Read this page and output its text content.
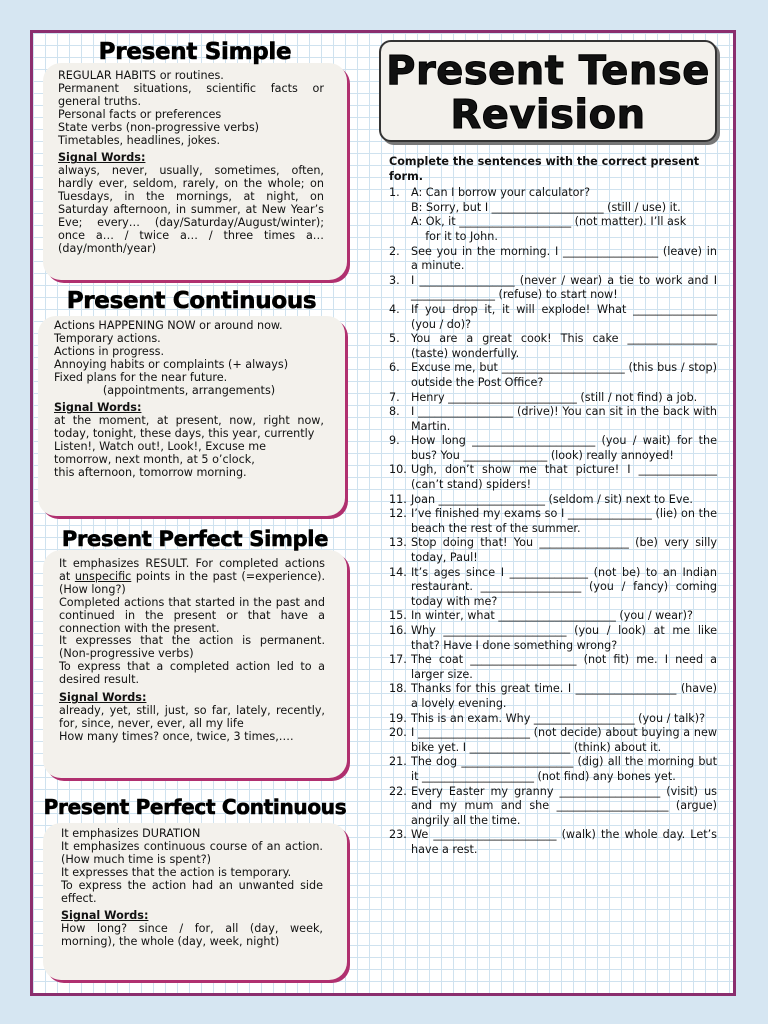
Present Simple

REGULAR HABITS or routines.

Permanent situations, scientific facts or general truths.

Personal facts or preferences

State verbs (non-progressive verbs)

Timetables, headlines, jokes.

Signal Words:

always, never, usually, sometimes, often, hardly ever, seldom, rarely, on the whole; on Tuesdays, in the mornings, at night, on Saturday afternoon, in summer, at New Year’s Eve; every… (day/Saturday/August/winter); once a… / twice a… / three times a… (day/month/year)

Present Continuous

Actions HAPPENING NOW or around now.

Temporary actions.

Actions in progress.

Annoying habits or complaints (+ always)

Fixed plans for the near future.

(appointments, arrangements)

Signal Words:

at the moment, at present, now, right now, today, tonight, these days, this year, currently

Listen!, Watch out!, Look!, Excuse me

tomorrow, next month, at 5 o’clock,

this afternoon, tomorrow morning.

Present Perfect Simple

It emphasizes RESULT. For completed actions at unspecific points in the past (=experience). (How long?)

Completed actions that started in the past and continued in the present or that have a connection with the present.

It expresses that the action is permanent. (Non-progressive verbs)

To express that a completed action led to a desired result.

Signal Words:

already, yet, still, just, so far, lately, recently, for, since, never, ever, all my life

How many times? once, twice, 3 times,….

Present Perfect Continuous

It emphasizes DURATION

It emphasizes continuous course of an action. (How much time is spent?)

It expresses that the action is temporary.

To express the action had an unwanted side effect.

Signal Words:

How long? since / for, all (day, week, morning), the whole (day, week, night)

Present Tense
Revision

Complete the sentences with the correct present form.

1.	A: Can I borrow your calculator?
B: Sorry, but I ____________________ (still / use) it.
A: Ok, it ____________________ (not matter). I’ll ask
for it to John.
2.	See you in the morning. I _________________ (leave) in a minute.
3.	I _________________ (never / wear) a tie to work and I _______________ (refuse) to start now!
4.	If you drop it, it will explode! What _______________ (you / do)?
5.	You are a great cook! This cake ________________ (taste) wonderfully.
6.	Excuse me, but ______________________ (this bus / stop) outside the Post Office?
7.	Henry _______________________ (still / not find) a job.
8.	I _________________ (drive)! You can sit in the back with Martin.
9.	How long ______________________ (you / wait) for the bus? You _______________ (look) really annoyed!
10. Ugh, don’t show me that picture! I ______________ (can’t stand) spiders!
11. Joan ___________________ (seldom / sit) next to Eve.
12. I’ve finished my exams so I _______________ (lie) on the beach the rest of the summer.
13. Stop doing that! You ________________ (be) very silly today, Paul!
14. It’s ages since I ______________ (not be) to an Indian restaurant. __________________ (you / fancy) coming today with me?
15. In winter, what _____________________ (you / wear)?
16. Why ______________________ (you / look) at me like that? Have I done something wrong?
17. The coat ___________________ (not fit) me. I need a larger size.
18. Thanks for this great time. I __________________ (have) a lovely evening.
19. This is an exam. Why __________________ (you / talk)?
20. I ____________________ (not decide) about buying a new bike yet. I __________________ (think) about it.
21. The dog ____________________ (dig) all the morning but it ____________________ (not find) any bones yet.
22. Every Easter my granny __________________ (visit) us and my mum and she ____________________ (argue) angrily all the time.
23. We ______________________ (walk) the whole day. Let’s have a rest.
